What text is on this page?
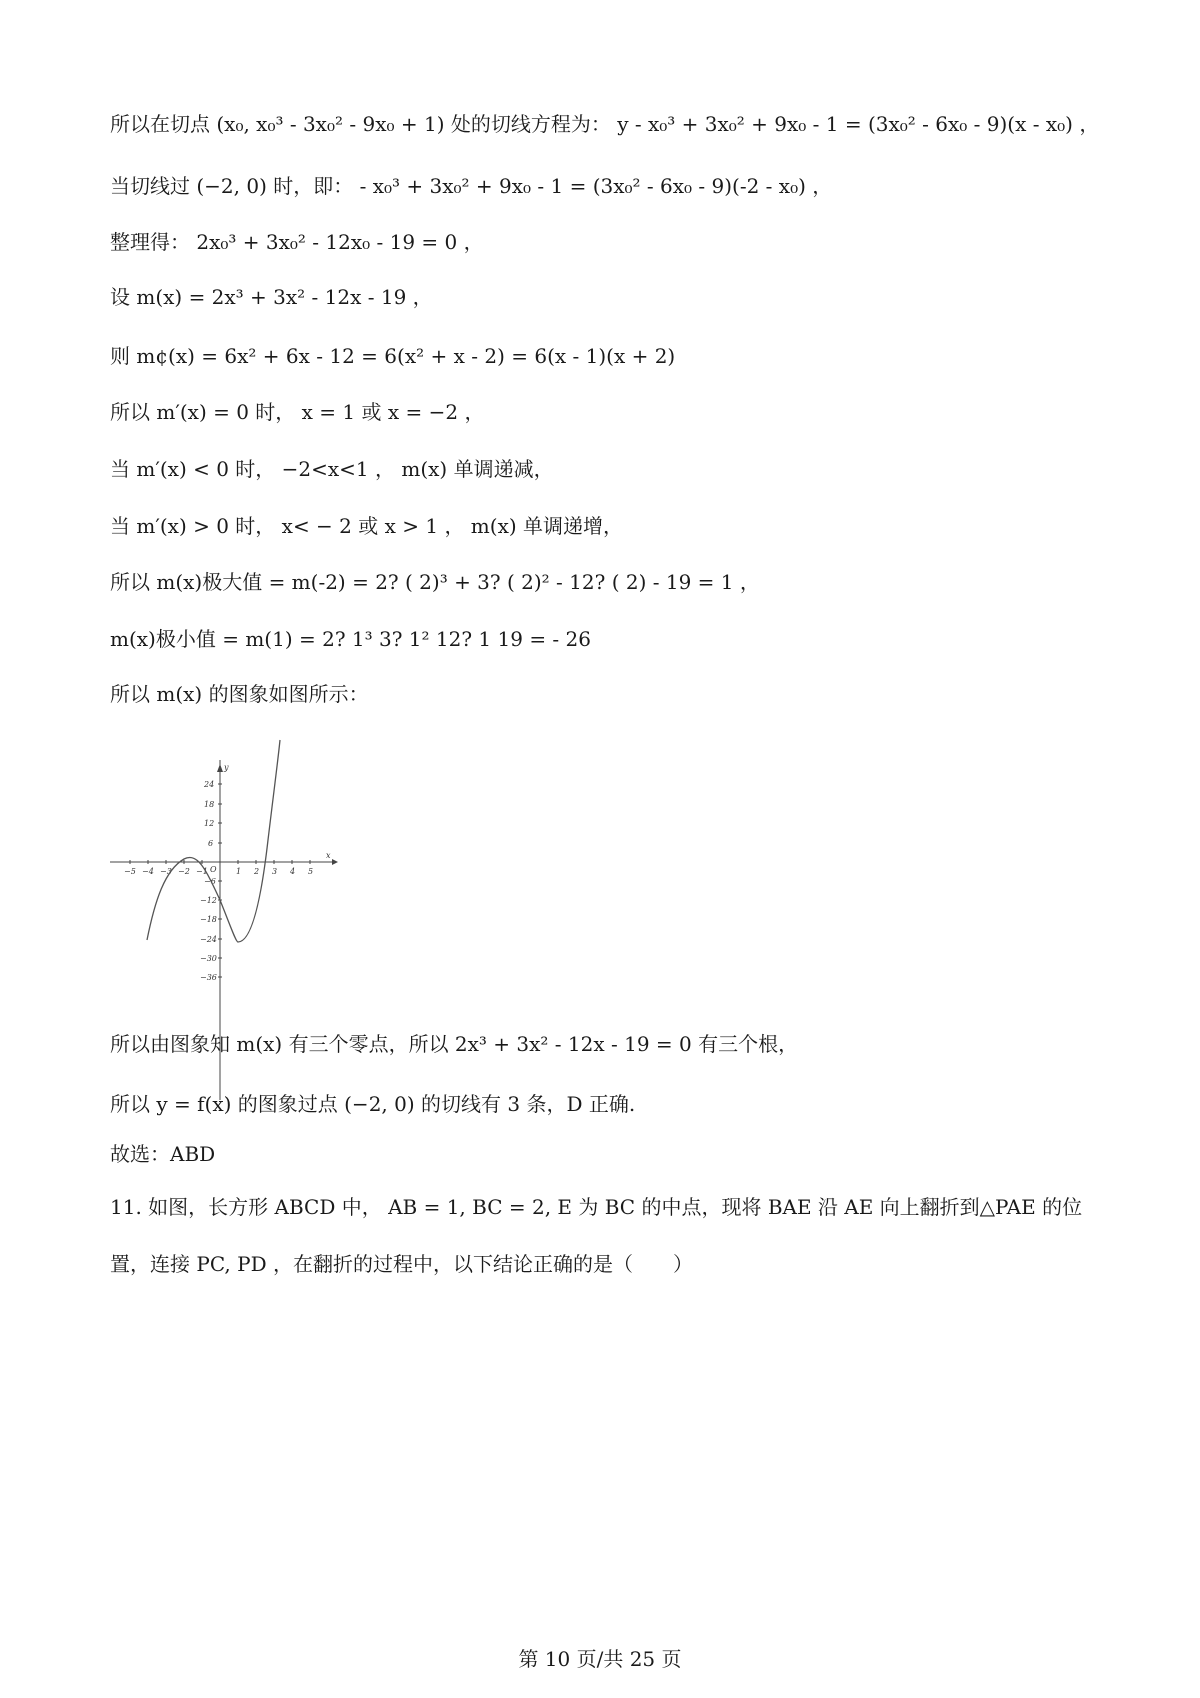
所以在切点 (x₀, x₀³ - 3x₀² - 9x₀ + 1) 处的切线方程为： y - x₀³ + 3x₀² + 9x₀ - 1 = (3x₀² - 6x₀ - 9)(x - x₀) ，
当切线过 (−2, 0) 时，即： - x₀³ + 3x₀² + 9x₀ - 1 = (3x₀² - 6x₀ - 9)(-2 - x₀) ，
整理得： 2x₀³ + 3x₀² - 12x₀ - 19 = 0 ，
设 m(x) = 2x³ + 3x² - 12x - 19 ，
则 m¢(x) = 6x² + 6x - 12 = 6(x² + x - 2) = 6(x - 1)(x + 2)
所以 m′(x) = 0 时， x = 1 或 x = −2 ，
当 m′(x) < 0 时， −2<x<1 ， m(x) 单调递减，
当 m′(x) > 0 时， x< − 2 或 x > 1 ， m(x) 单调递增，
所以 m(x)极大值 = m(-2) = 2? ( 2)³ + 3? ( 2)² - 12? ( 2) - 19 = 1 ，
m(x)极小值 = m(1) = 2? 1³ 3? 1² 12? 1 19 = - 26
所以 m(x) 的图象如图所示：
−5 −4 −3 −2 −1	1 2 3 4 5
x
O
y
24
18
12
6
−6
−12
−18
−24
−30
−36
所以由图象知 m(x) 有三个零点，所以 2x³ + 3x² - 12x - 19 = 0 有三个根，
所以 y = f(x) 的图象过点 (−2, 0) 的切线有 3 条，D 正确.
故选：ABD
11. 如图，长方形 ABCD 中， AB = 1, BC = 2, E 为 BC 的中点，现将 BAE 沿 AE 向上翻折到△PAE 的位
置，连接 PC, PD ，在翻折的过程中，以下结论正确的是（　　）
第 10 页/共 25 页
